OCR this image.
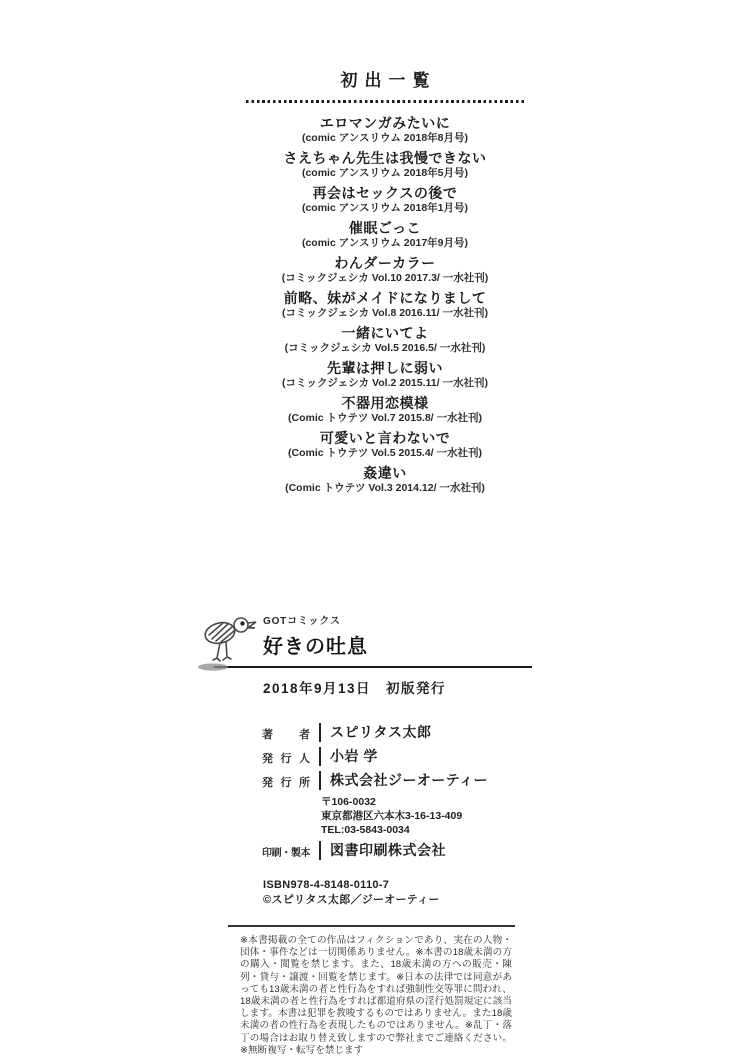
初出一覧
エロマンガみたいに
(comic アンスリウム 2018年8月号)
さえちゃん先生は我慢できない
(comic アンスリウム 2018年5月号)
再会はセックスの後で
(comic アンスリウム 2018年1月号)
催眠ごっこ
(comic アンスリウム 2017年9月号)
わんダーカラー
(コミックジェシカ Vol.10 2017.3/ 一水社刊)
前略、妹がメイドになりまして
(コミックジェシカ Vol.8 2016.11/ 一水社刊)
一緒にいてよ
(コミックジェシカ Vol.5 2016.5/ 一水社刊)
先輩は押しに弱い
(コミックジェシカ Vol.2 2015.11/ 一水社刊)
不器用恋模様
(Comic トウテツ Vol.7 2015.8/ 一水社刊)
可愛いと言わないで
(Comic トウテツ Vol.5 2015.4/ 一水社刊)
姦違い
(Comic トウテツ Vol.3 2014.12/ 一水社刊)
GOTコミックス
好きの吐息
2018年9月13日　初版発行
著者	スピリタス太郎
発行人	小岩 学
発行所	株式会社ジーオーティー
〒106-0032
東京都港区六本木3-16-13-409
TEL:03-5843-0034
印刷・製本	図書印刷株式会社
ISBN978-4-8148-0110-7
©スピリタス太郎／ジーオーティー

※本書掲載の全ての作品はフィクションであり、実在の人物・団体・事件などは一切関係ありません。※本書の18歳未満の方の購入・閲覧を禁じます。また、18歳未満の方への販売・陳列・貸与・譲渡・回覧を禁じます。※日本の法律では同意があっても13歳未満の者と性行為をすれば強制性交等罪に問われ、18歳未満の者と性行為をすれば都道府県の淫行処罰規定に該当します。本書は犯罪を教唆するものではありません。また18歳未満の者の性行為を表現したものではありません。※乱丁・落丁の場合はお取り替え致しますので弊社までご連絡ください。※無断複写・転写を禁じます
